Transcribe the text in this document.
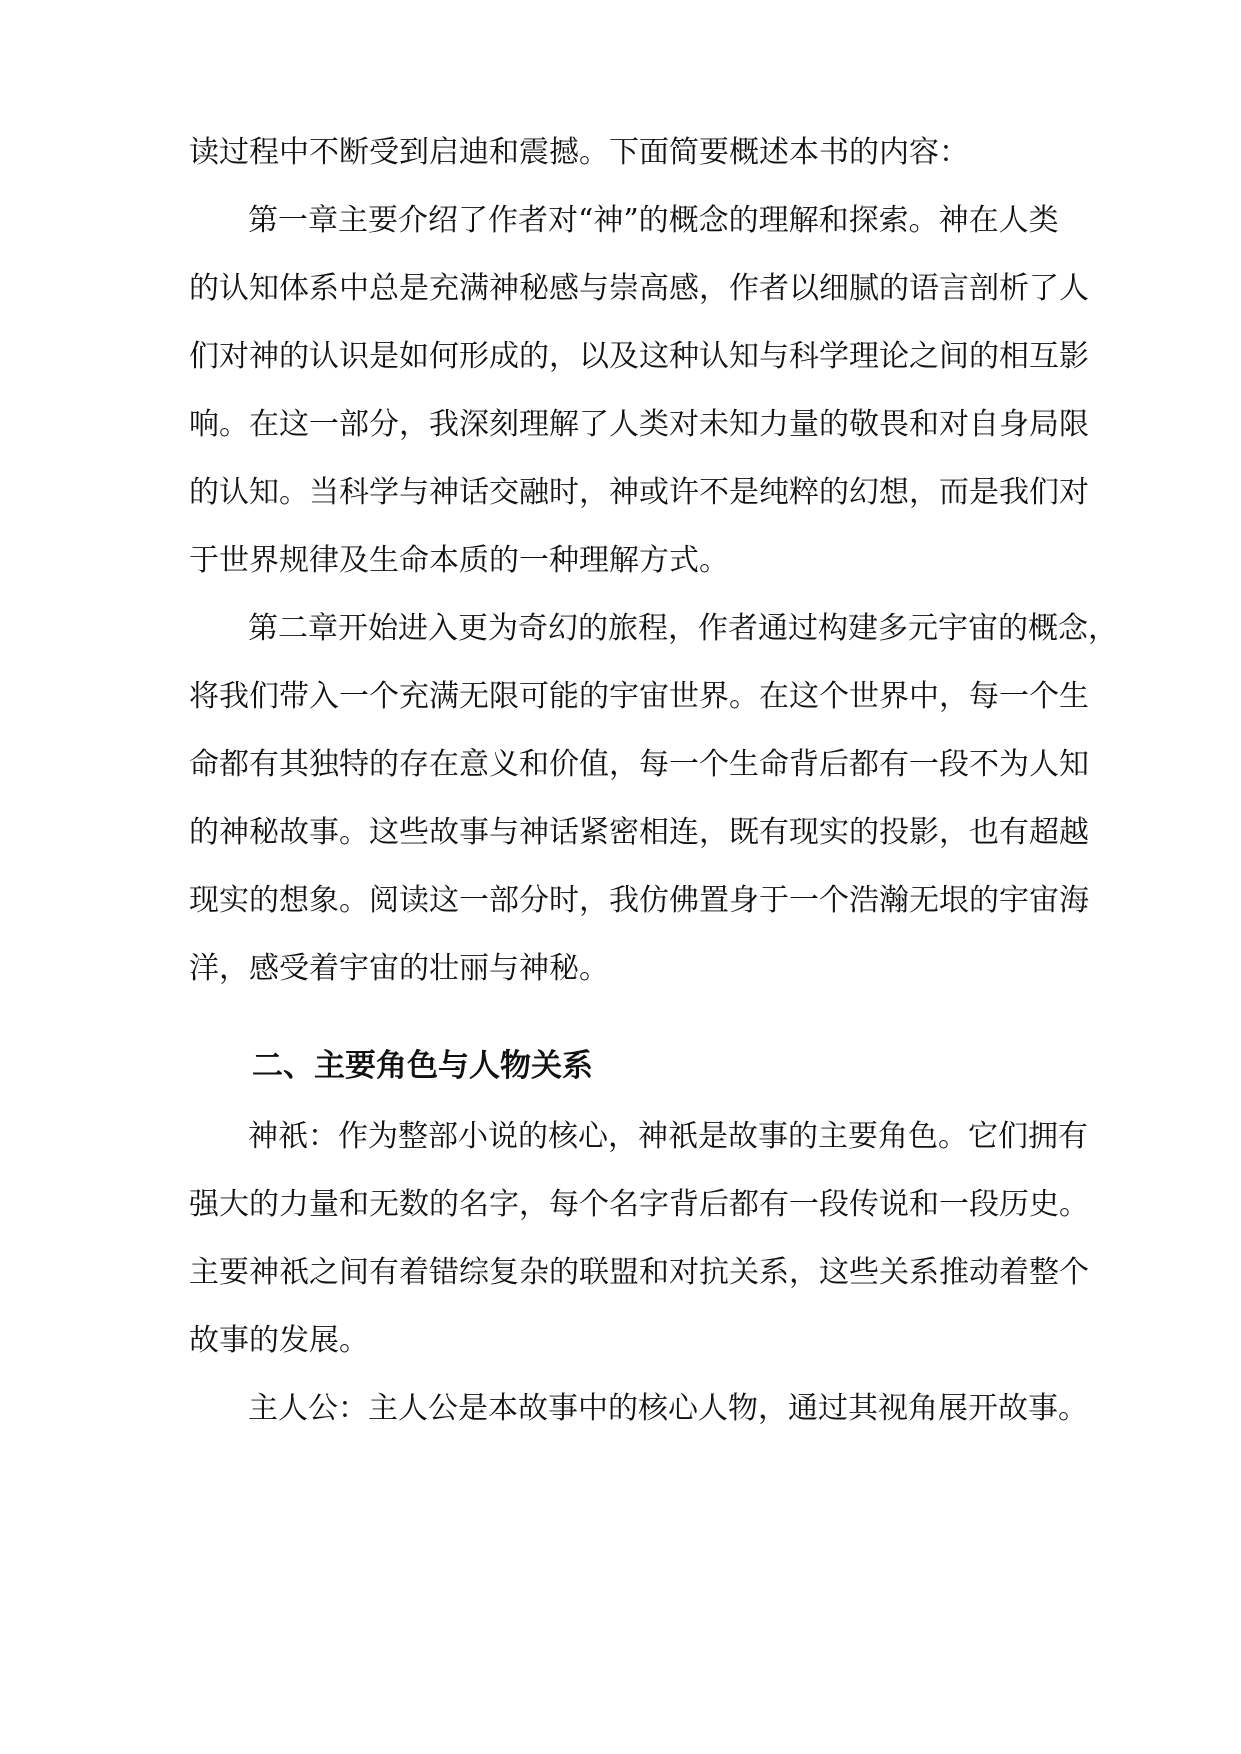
读过程中不断受到启迪和震撼。下面简要概述本书的内容：
第一章主要介绍了作者对“神”的概念的理解和探索。神在人类
的认知体系中总是充满神秘感与崇高感，作者以细腻的语言剖析了人
们对神的认识是如何形成的，以及这种认知与科学理论之间的相互影
响。在这一部分，我深刻理解了人类对未知力量的敬畏和对自身局限
的认知。当科学与神话交融时，神或许不是纯粹的幻想，而是我们对
于世界规律及生命本质的一种理解方式。
第二章开始进入更为奇幻的旅程，作者通过构建多元宇宙的概念，
将我们带入一个充满无限可能的宇宙世界。在这个世界中，每一个生
命都有其独特的存在意义和价值，每一个生命背后都有一段不为人知
的神秘故事。这些故事与神话紧密相连，既有现实的投影，也有超越
现实的想象。阅读这一部分时，我仿佛置身于一个浩瀚无垠的宇宙海
洋，感受着宇宙的壮丽与神秘。
二、主要角色与人物关系
神祇：作为整部小说的核心，神祇是故事的主要角色。它们拥有
强大的力量和无数的名字，每个名字背后都有一段传说和一段历史。
主要神祇之间有着错综复杂的联盟和对抗关系，这些关系推动着整个
故事的发展。
主人公：主人公是本故事中的核心人物，通过其视角展开故事。
